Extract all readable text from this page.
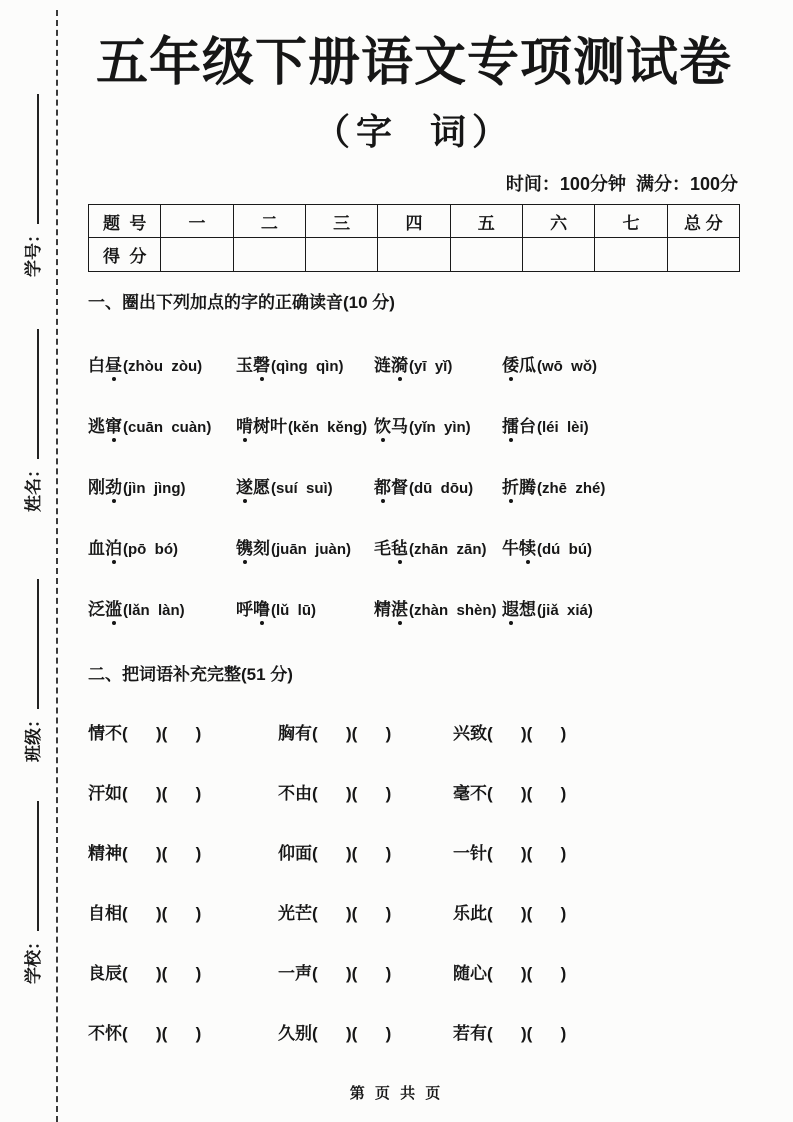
学号：
姓名：
班级：
学校：
五年级下册语文专项测试卷
（字  词）
时间：100分钟  满分：100分
题  号	一	二	三	四	五	六	七	总 分
得  分								
一、圈出下列加点的字的正确读音(10 分)
白昼(zhòu  zòu)	玉磬(qìng  qìn)	涟漪(yī  yǐ)	倭瓜(wō  wǒ)
逃窜(cuān  cuàn)	啃树叶(kěn  kěng) 饮马(yǐn  yìn)	擂台(léi  lèi)
刚劲(jìn  jìng)	遂愿(suí  suì)	都督(dū  dōu)	折腾(zhē  zhé)
血泊(pō  bó)	镌刻(juān  juàn)	毛毡(zhān  zān) 牛犊(dú  bú)
泛滥(lǎn  làn)	呼噜(lǔ  lū)	精湛(zhàn  shèn) 遐想(jiǎ  xiá)
二、把词语补充完整(51 分)
情不(      )(      )	胸有(      )(      )	兴致(      )(      )
汗如(      )(      )	不由(      )(      )	毫不(      )(      )
精神(      )(      )	仰面(      )(      )	一针(      )(      )
自相(      )(      )	光芒(      )(      )	乐此(      )(      )
良辰(      )(      )	一声(      )(      )	随心(      )(      )
不怀(      )(      )	久别(      )(      )	若有(      )(      )
第 页 共 页
